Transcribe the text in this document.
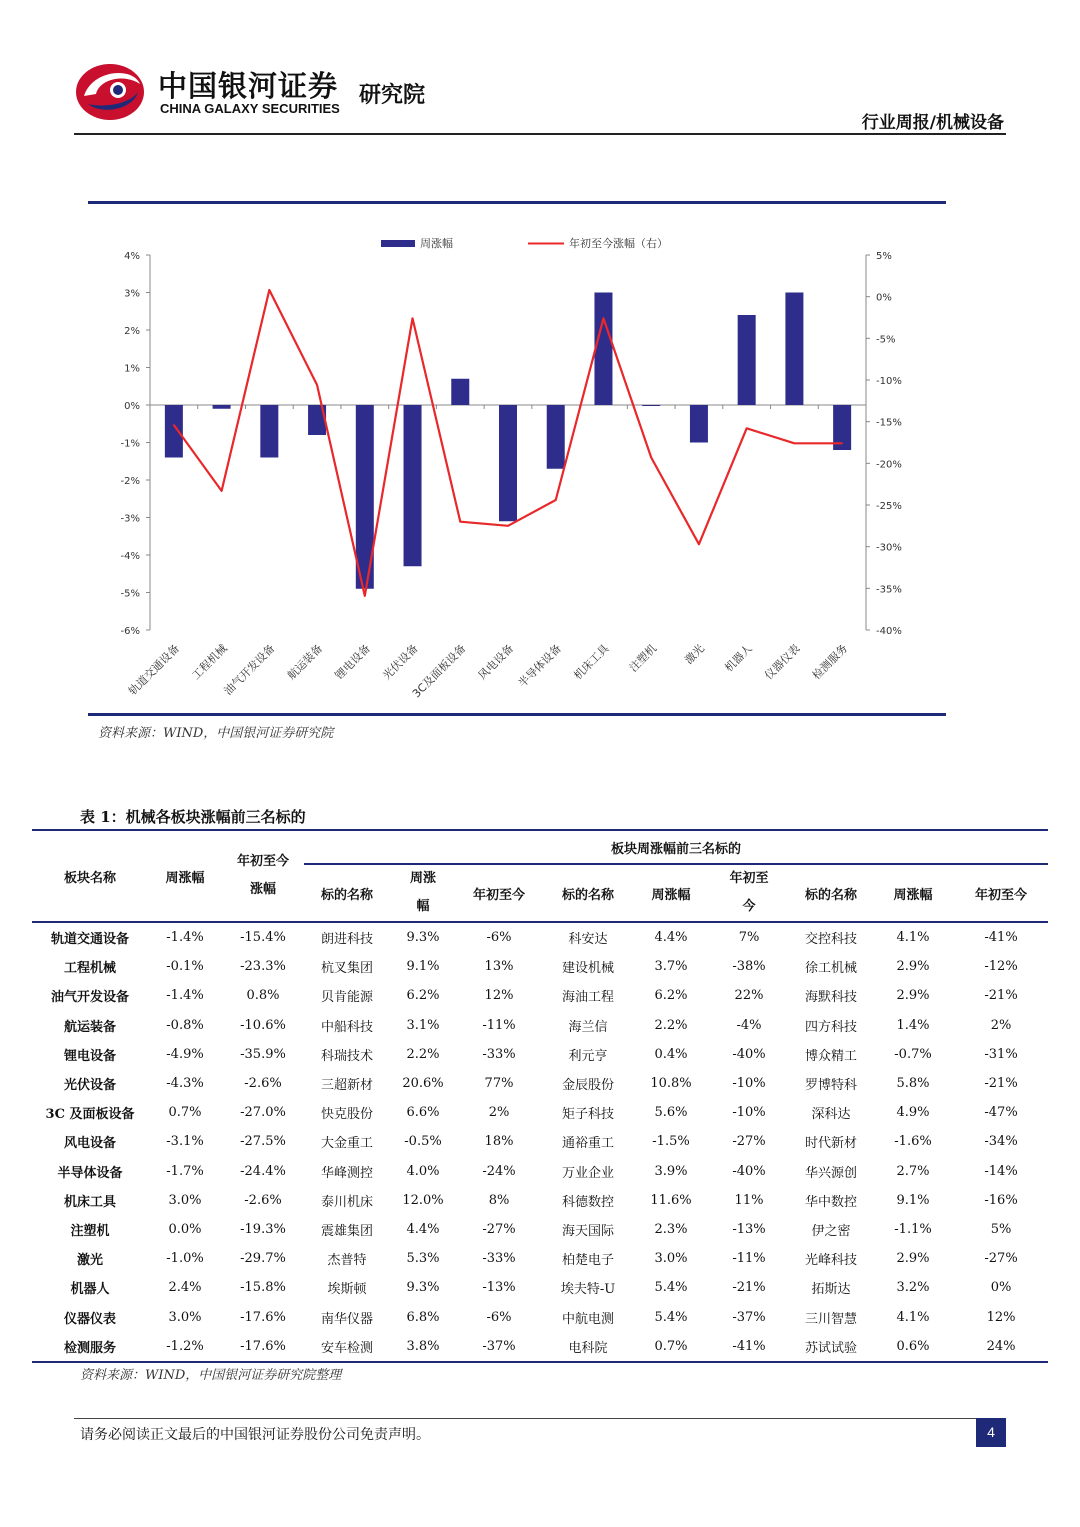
中国银河证券
CHINA GALAXY SECURITIES
研究院
行业周报/机械设备
周涨幅	年初至今涨幅（右）
4%
3%
2%
1%
0%
-1%
-2%
-3%
-4%
-5%
-6%
5%
0%
-5%
-10%
-15%
-20%
-25%
-30%
-35%
-40%
轨道交通设备 工程机械
油气开发设备 航运装备 锂电设备 光伏设备
3C及面板设备 风电设备 半导体设备 机床工具 注塑机 激光 机器人 仪器仪表 检测服务
资料来源：WIND，中国银河证券研究院
表 1：机械各板块涨幅前三名标的
板块名称	周涨幅	年初至今涨幅	板块周涨幅前三名标的								
			标的名称	周涨幅	年初至今	标的名称	周涨幅	年初至今	标的名称	周涨幅	年初至今
轨道交通设备	-1.4%	-15.4%	朗进科技	9.3%	-6%	科安达	4.4%	7%	交控科技	4.1%	-41%
工程机械	-0.1%	-23.3%	杭叉集团	9.1%	13%	建设机械	3.7%	-38%	徐工机械	2.9%	-12%
油气开发设备	-1.4%	0.8%	贝肯能源	6.2%	12%	海油工程	6.2%	22%	海默科技	2.9%	-21%
航运装备	-0.8%	-10.6%	中船科技	3.1%	-11%	海兰信	2.2%	-4%	四方科技	1.4%	2%
锂电设备	-4.9%	-35.9%	科瑞技术	2.2%	-33%	利元亨	0.4%	-40%	博众精工	-0.7%	-31%
光伏设备	-4.3%	-2.6%	三超新材	20.6%	77%	金辰股份	10.8%	-10%	罗博特科	5.8%	-21%
3C 及面板设备	0.7%	-27.0%	快克股份	6.6%	2%	矩子科技	5.6%	-10%	深科达	4.9%	-47%
风电设备	-3.1%	-27.5%	大金重工	-0.5%	18%	通裕重工	-1.5%	-27%	时代新材	-1.6%	-34%
半导体设备	-1.7%	-24.4%	华峰测控	4.0%	-24%	万业企业	3.9%	-40%	华兴源创	2.7%	-14%
机床工具	3.0%	-2.6%	泰川机床	12.0%	8%	科德数控	11.6%	11%	华中数控	9.1%	-16%
注塑机	0.0%	-19.3%	震雄集团	4.4%	-27%	海天国际	2.3%	-13%	伊之密	-1.1%	5%
激光	-1.0%	-29.7%	杰普特	5.3%	-33%	柏楚电子	3.0%	-11%	光峰科技	2.9%	-27%
机器人	2.4%	-15.8%	埃斯顿	9.3%	-13%	埃夫特-U	5.4%	-21%	拓斯达	3.2%	0%
仪器仪表	3.0%	-17.6%	南华仪器	6.8%	-6%	中航电测	5.4%	-37%	三川智慧	4.1%	12%
检测服务	-1.2%	-17.6%	安车检测	3.8%	-37%	电科院	0.7%	-41%	苏试试验	0.6%	24%
资料来源：WIND，中国银河证券研究院整理
请务必阅读正文最后的中国银河证券股份公司免责声明。	4
